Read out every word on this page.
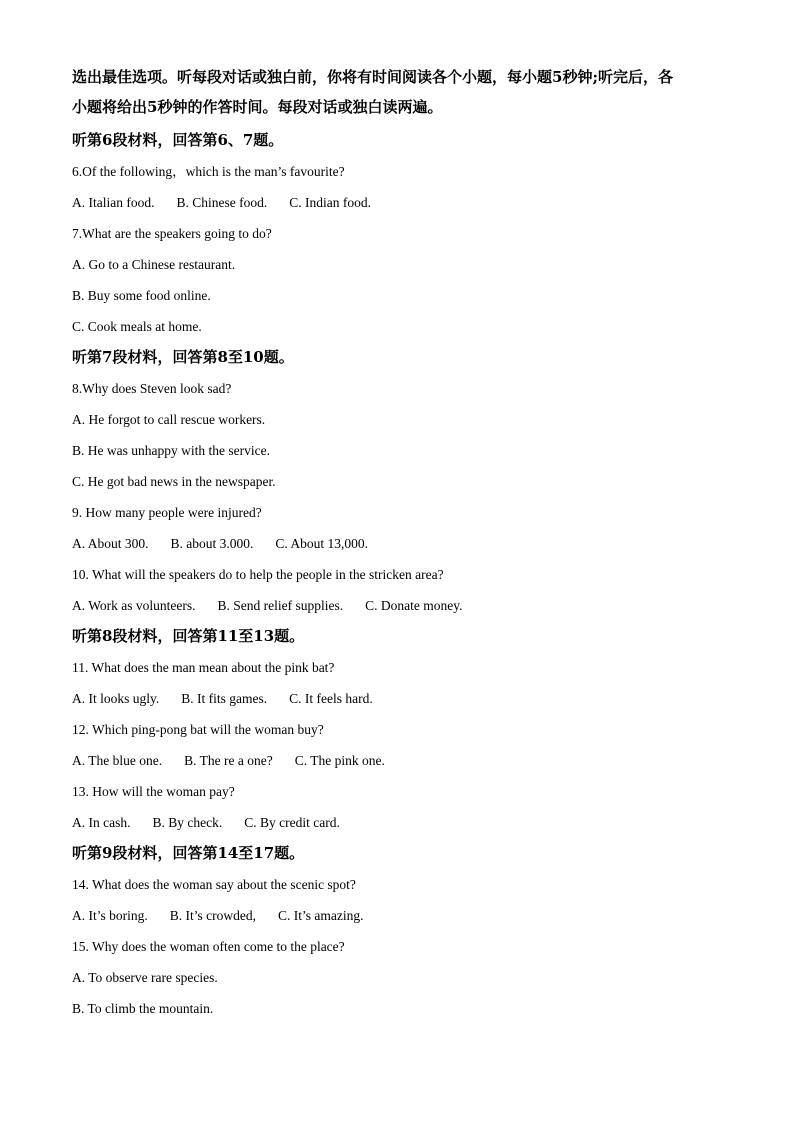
选出最佳选项。听每段对话或独白前，你将有时间阅读各个小题，每小题5秒钟;听完后，各
小题将给出5秒钟的作答时间。每段对话或独白读两遍。
听第6段材料，回答第6、7题。
6.Of the following，which is the man’s favourite?
A. Italian food. B. Chinese food. C. Indian food.
7.What are the speakers going to do?
A. Go to a Chinese restaurant.
B. Buy some food online.
C. Cook meals at home.
听第7段材料，回答第8至10题。
8.Why does Steven look sad?
A. He forgot to call rescue workers.
B. He was unhappy with the service.
C. He got bad news in the newspaper.
9. How many people were injured?
A. About 300. B. about 3.000. C. About 13,000.
10. What will the speakers do to help the people in the stricken area?
A. Work as volunteers. B. Send relief supplies. C. Donate money.
听第8段材料，回答第11至13题。
11. What does the man mean about the pink bat?
A. It looks ugly. B. It fits games. C. It feels hard.
12. Which ping-pong bat will the woman buy?
A. The blue one. B. The re a one? C. The pink one.
13. How will the woman pay?
A. In cash. B. By check. C. By credit card.
听第9段材料，回答第14至17题。
14. What does the woman say about the scenic spot?
A. It’s boring. B. It’s crowded, C. It’s amazing.
15. Why does the woman often come to the place?
A. To observe rare species.
B. To climb the mountain.
